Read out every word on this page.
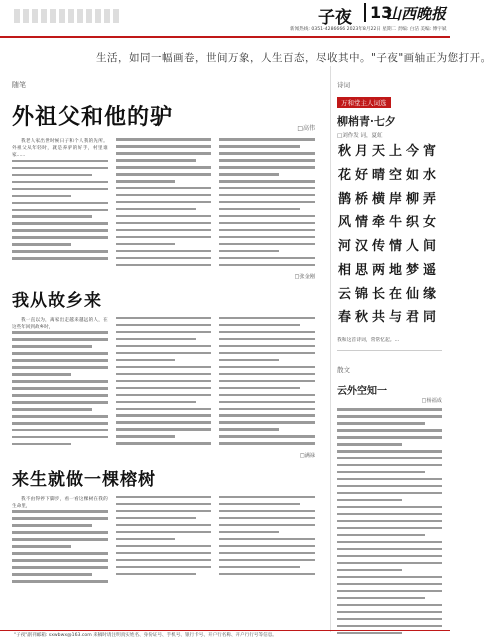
子夜	13
山西晚报
新闻热线: 0351-4286666 2023年8月22日 星期二 责编: 白洁 美编: 傅宇斌
生活，如同一幅画卷，世间万象，人生百态，尽收其中。"子夜"画轴正为您打开。
随笔
外祖父和他的驴	□高伟

我老人家出世时候日子和个人我的先所。外祖父从年轻时，就是养驴的好手，村里谁家......

□张金刚
我从故乡来

我一直以为，离家出走越来越远的人，在这些年回到故乡时，

□满禄
来生就做一棵榕树

我不由得停下脚步，看一看这棵树在我的生命里，

诗词
万和堂主人词选
柳梢青·七夕
□刘作发 词，夏虹
秋 月 天 上 今 宵
花 好 晴 空 如 水
鹊 桥 横 岸 柳 弄
风 情 牵 牛 织 女
河 汉 传 情 人 间
相 思 两 地 梦 遥
云 锦 长 在 仙 缘
春 秋 共 与 君 同
我和这首诗词，常常忆起。...
散文
云外空知一
□杨福成
"子夜"副刊邮箱: sxwbwx@163.com 来稿时请注明真实姓名、身份证号、手机号、银行卡号、开户行名称、开户行行号等信息。
